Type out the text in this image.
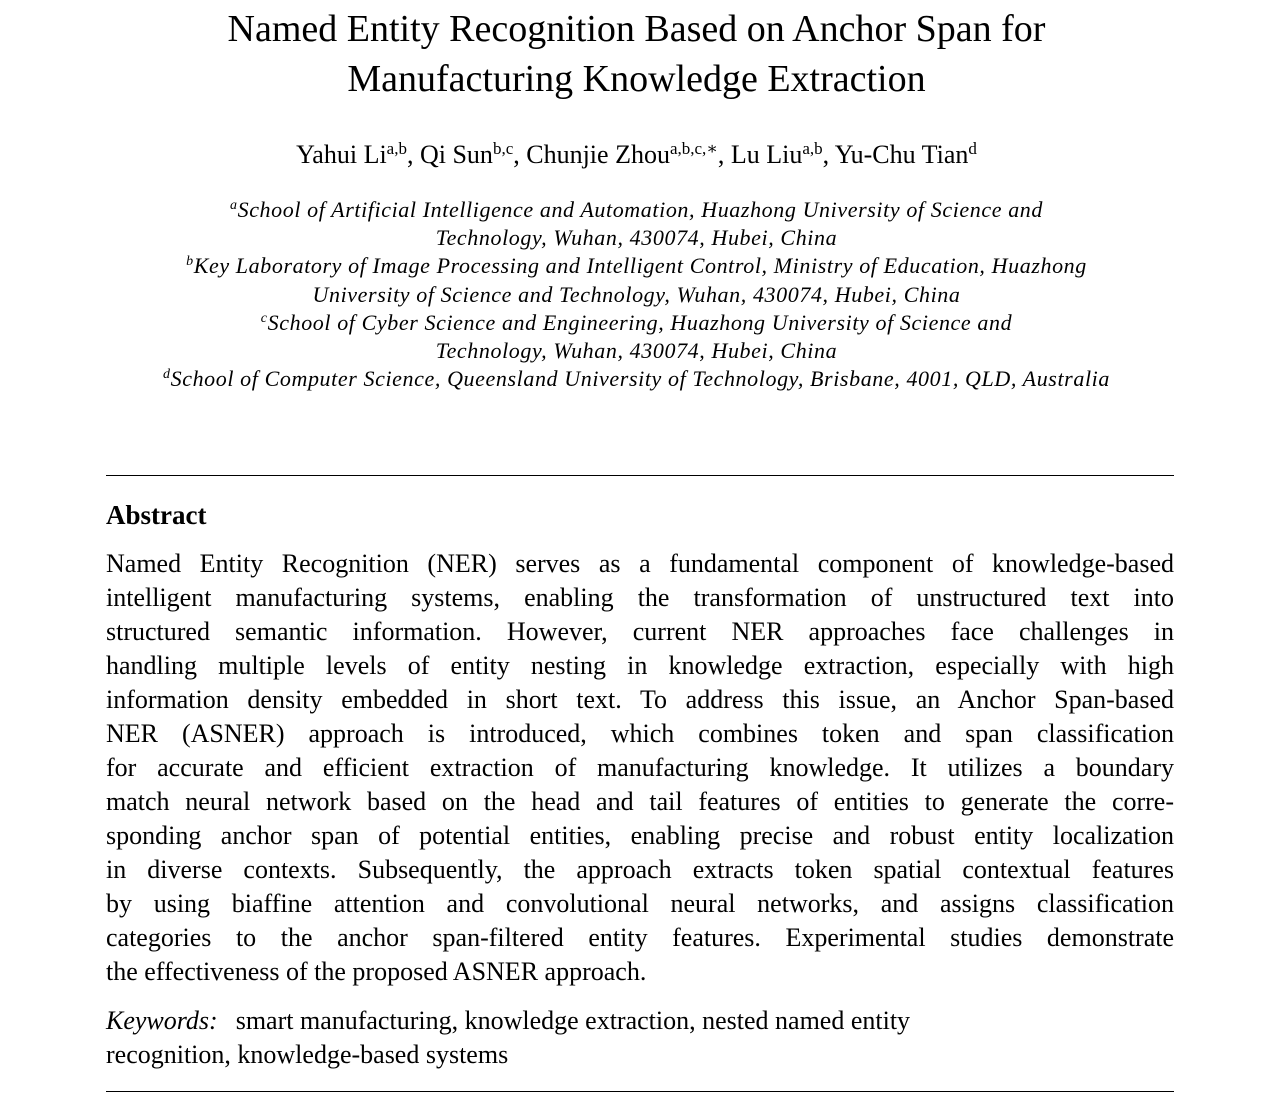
Named Entity Recognition Based on Anchor Span for
Manufacturing Knowledge Extraction
Yahui Li$^{a,b}$, Qi Sun$^{b,c}$, Chunjie Zhou$^{a,b,c,∗}$, Lu Liu$^{a,b}$, Yu-Chu Tian$^d$
$^a$School of Artificial Intelligence and Automation, Huazhong University of Science and
Technology, Wuhan, 430074, Hubei, China
$^b$Key Laboratory of Image Processing and Intelligent Control, Ministry of Education, Huazhong
University of Science and Technology, Wuhan, 430074, Hubei, China
$^c$School of Cyber Science and Engineering, Huazhong University of Science and
Technology, Wuhan, 430074, Hubei, China
$^d$School of Computer Science, Queensland University of Technology, Brisbane, 4001, QLD, Australia
Abstract
Named Entity Recognition (NER) serves as a fundamental component of knowledge-based
intelligent manufacturing systems, enabling the transformation of unstructured text into
structured semantic information. However, current NER approaches face challenges in
handling multiple levels of entity nesting in knowledge extraction, especially with high
information density embedded in short text. To address this issue, an Anchor Span-based
NER (ASNER) approach is introduced, which combines token and span classification
for accurate and efficient extraction of manufacturing knowledge. It utilizes a boundary
match neural network based on the head and tail features of entities to generate the corre-
sponding anchor span of potential entities, enabling precise and robust entity localization
in diverse contexts. Subsequently, the approach extracts token spatial contextual features
by using biaffine attention and convolutional neural networks, and assigns classification
categories to the anchor span-filtered entity features. Experimental studies demonstrate
the effectiveness of the proposed ASNER approach.
Keywords: smart manufacturing, knowledge extraction, nested named entity
recognition, knowledge-based systems
